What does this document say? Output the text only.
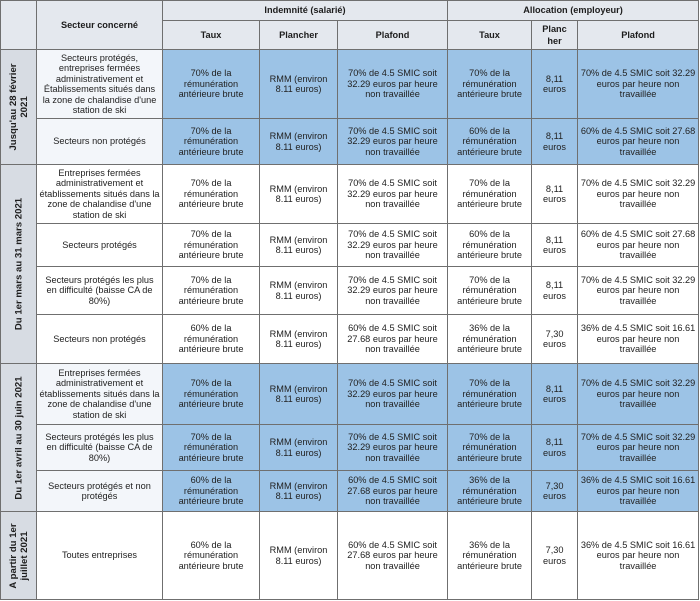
	Secteur concerné	Indemnité (salarié)			Allocation (employeur)		
		Taux	Plancher	Plafond	Taux	Plancher	Plafond

Jusqu'au 28 février 2021	Secteurs protégés, entreprises fermées administrativement et Établissements situés dans la zone de chalandise d'une station de ski	70% de la rémunération antérieure brute	RMM (environ 8.11 euros)	70% de 4.5 SMIC soit 32.29 euros par heure non travaillée	70% de la rémunération antérieure brute	8,11 euros	70% de 4.5 SMIC soit 32.29 euros par heure non travaillée
	Secteurs non protégés	70% de la rémunération antérieure brute	RMM (environ 8.11 euros)	70% de 4.5 SMIC soit 32.29 euros par heure non travaillée	60% de la rémunération antérieure brute	8,11 euros	60% de 4.5 SMIC soit 27.68 euros par heure non travaillée

Du 1er mars au 31 mars 2021	Entreprises fermées administrativement et établissements situés dans la zone de chalandise d'une station de ski	70% de la rémunération antérieure brute	RMM (environ 8.11 euros)	70% de 4.5 SMIC soit 32.29 euros par heure non travaillée	70% de la rémunération antérieure brute	8,11 euros	70% de 4.5 SMIC soit 32.29 euros par heure non travaillée
	Secteurs protégés	70% de la rémunération antérieure brute	RMM (environ 8.11 euros)	70% de 4.5 SMIC soit 32.29 euros par heure non travaillée	60% de la rémunération antérieure brute	8,11 euros	60% de 4.5 SMIC soit 27.68 euros par heure non travaillée
	Secteurs protégés les plus en difficulté (baisse CA de 80%)	70% de la rémunération antérieure brute	RMM (environ 8.11 euros)	70% de 4.5 SMIC soit 32.29 euros par heure non travaillée	70% de la rémunération antérieure brute	8,11 euros	70% de 4.5 SMIC soit 32.29 euros par heure non travaillée
	Secteurs non protégés	60% de la rémunération antérieure brute	RMM (environ 8.11 euros)	60% de 4.5 SMIC soit 27.68 euros par heure non travaillée	36% de la rémunération antérieure brute	7,30 euros	36% de 4.5 SMIC soit 16.61 euros par heure non travaillée

Du 1er avril au 30 juin 2021	Entreprises fermées administrativement et établissements situés dans la zone de chalandise d'une station de ski	70% de la rémunération antérieure brute	RMM (environ 8.11 euros)	70% de 4.5 SMIC soit 32.29 euros par heure non travaillée	70% de la rémunération antérieure brute	8,11 euros	70% de 4.5 SMIC soit 32.29 euros par heure non travaillée
	Secteurs protégés les plus en difficulté (baisse CA de 80%)	70% de la rémunération antérieure brute	RMM (environ 8.11 euros)	70% de 4.5 SMIC soit 32.29 euros par heure non travaillée	70% de la rémunération antérieure brute	8,11 euros	70% de 4.5 SMIC soit 32.29 euros par heure non travaillée
	Secteurs protégés et non protégés	60% de la rémunération antérieure brute	RMM (environ 8.11 euros)	60% de 4.5 SMIC soit 27.68 euros par heure non travaillée	36% de la rémunération antérieure brute	7,30 euros	36% de 4.5 SMIC soit 16.61 euros par heure non travaillée

A partir du 1er juillet 2021	Toutes entreprises	60% de la rémunération antérieure brute	RMM (environ 8.11 euros)	60% de 4.5 SMIC soit 27.68 euros par heure non travaillée	36% de la rémunération antérieure brute	7,30 euros	36% de 4.5 SMIC soit 16.61 euros par heure non travaillée
